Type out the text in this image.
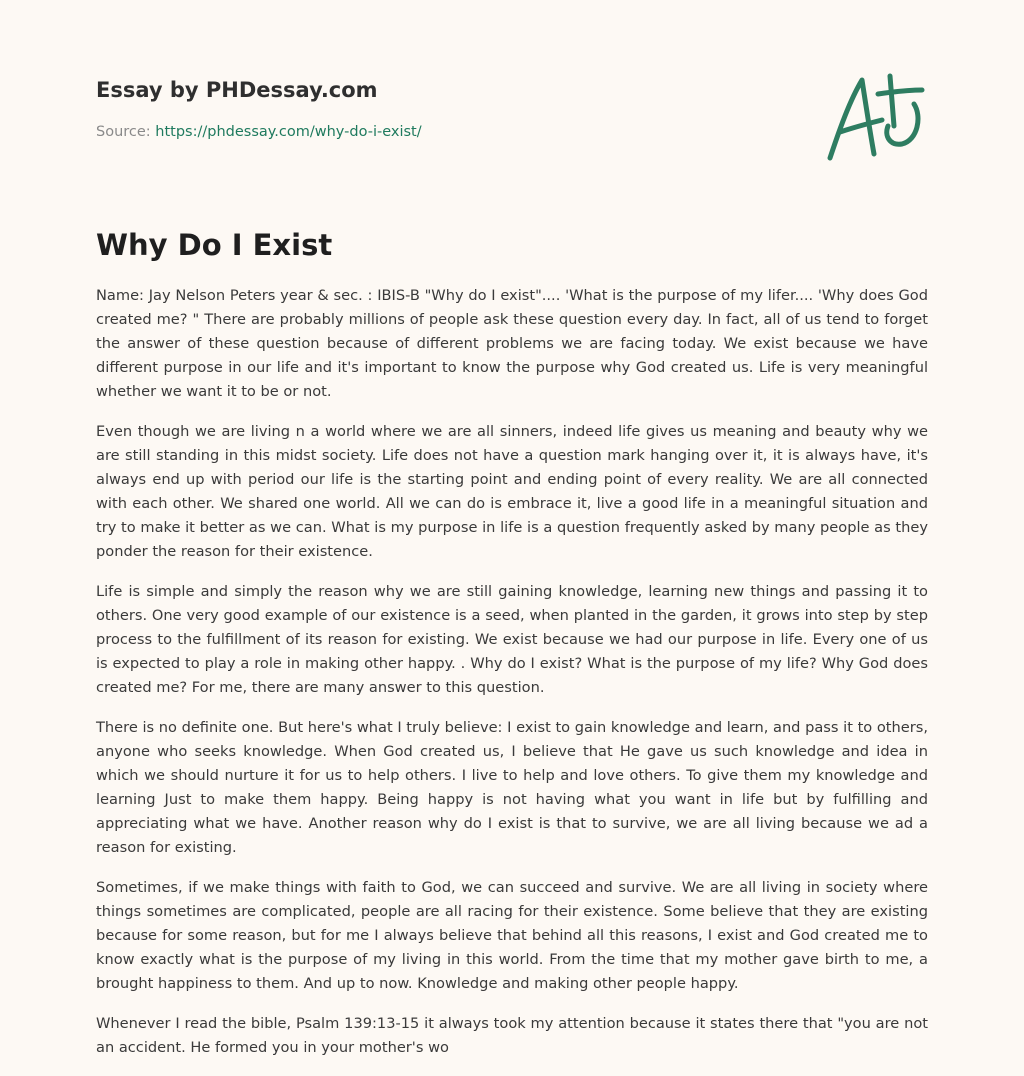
Essay by PHDessay.com

Source: https://phdessay.com/why-do-i-exist/
Why Do I Exist

Name: Jay Nelson Peters year & sec. : IBIS-B "Why do I exist".... 'What is the purpose of my lifer.... 'Why does God created me? " There are probably millions of people ask these question every day. In fact, all of us tend to forget the answer of these question because of different problems we are facing today. We exist because we have different purpose in our life and it's important to know the purpose why God created us. Life is very meaningful whether we want it to be or not.

Even though we are living n a world where we are all sinners, indeed life gives us meaning and beauty why we are still standing in this midst society. Life does not have a question mark hanging over it, it is always have, it's always end up with period our life is the starting point and ending point of every reality. We are all connected with each other. We shared one world. All we can do is embrace it, live a good life in a meaningful situation and try to make it better as we can. What is my purpose in life is a question frequently asked by many people as they ponder the reason for their existence.

Life is simple and simply the reason why we are still gaining knowledge, learning new things and passing it to others. One very good example of our existence is a seed, when planted in the garden, it grows into step by step process to the fulfillment of its reason for existing. We exist because we had our purpose in life. Every one of us is expected to play a role in making other happy. . Why do I exist? What is the purpose of my life? Why God does created me? For me, there are many answer to this question.

There is no definite one. But here's what I truly believe: I exist to gain knowledge and learn, and pass it to others, anyone who seeks knowledge. When God created us, I believe that He gave us such knowledge and idea in which we should nurture it for us to help others. I live to help and love others. To give them my knowledge and learning Just to make them happy. Being happy is not having what you want in life but by fulfilling and appreciating what we have. Another reason why do I exist is that to survive, we are all living because we ad a reason for existing.

Sometimes, if we make things with faith to God, we can succeed and survive. We are all living in society where things sometimes are complicated, people are all racing for their existence. Some believe that they are existing because for some reason, but for me I always believe that behind all this reasons, I exist and God created me to know exactly what is the purpose of my living in this world. From the time that my mother gave birth to me, a brought happiness to them. And up to now. Knowledge and making other people happy.

Whenever I read the bible, Psalm 139:13-15 it always took my attention because it states there that "you are not an accident. He formed you in your mother's wo
